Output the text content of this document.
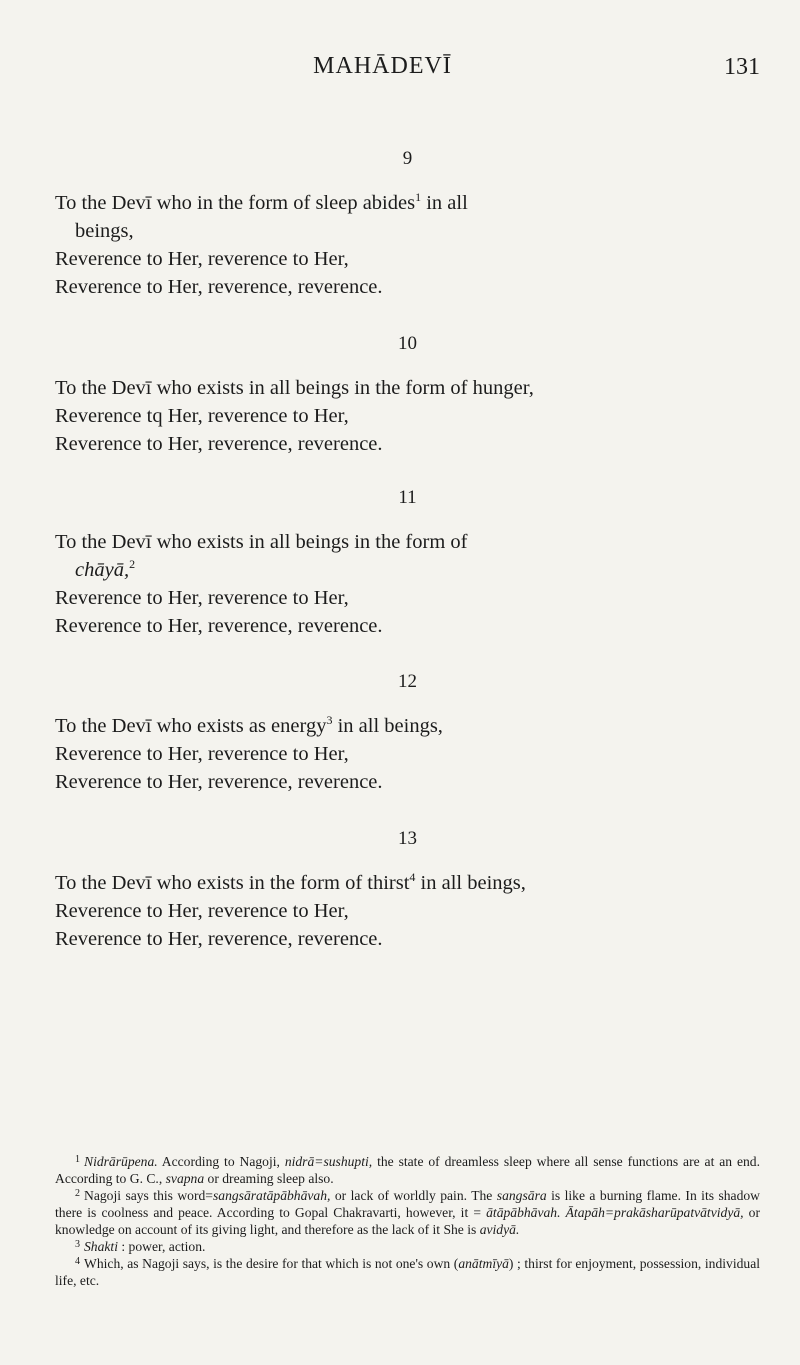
MAHĀDEVĪ	131
9
To the Devī who in the form of sleep abides$^1$ in all
beings,
Reverence to Her, reverence to Her,
Reverence to Her, reverence, reverence.
10
To the Devī who exists in all beings in the form of hunger,
Reverence tq Her, reverence to Her,
Reverence to Her, reverence, reverence.
11
To the Devī who exists in all beings in the form of
chāyā,$^2$
Reverence to Her, reverence to Her,
Reverence to Her, reverence, reverence.
12
To the Devī who exists as energy$^3$ in all beings,
Reverence to Her, reverence to Her,
Reverence to Her, reverence, reverence.
13
To the Devī who exists in the form of thirst$^4$ in all beings,
Reverence to Her, reverence to Her,
Reverence to Her, reverence, reverence.
$^1$ Nidrārūpena. According to Nagoji, nidrā=sushupti, the state of dreamless sleep where all sense functions are at an end. According to G. C., svapna or dreaming sleep also.
$^2$ Nagoji says this word=sangsāratāpābhāvah, or lack of worldly pain. The sangsāra is like a burning flame. In its shadow there is coolness and peace. According to Gopal Chakravarti, however, it = ātāpābhāvah. Ātapāh=prakāsharūpatvātvidyā, or knowledge on account of its giving light, and therefore as the lack of it She is avidyā.
$^3$ Shakti : power, action.
$^4$ Which, as Nagoji says, is the desire for that which is not one's own (anātmīyā) ; thirst for enjoyment, possession, individual life, etc.
